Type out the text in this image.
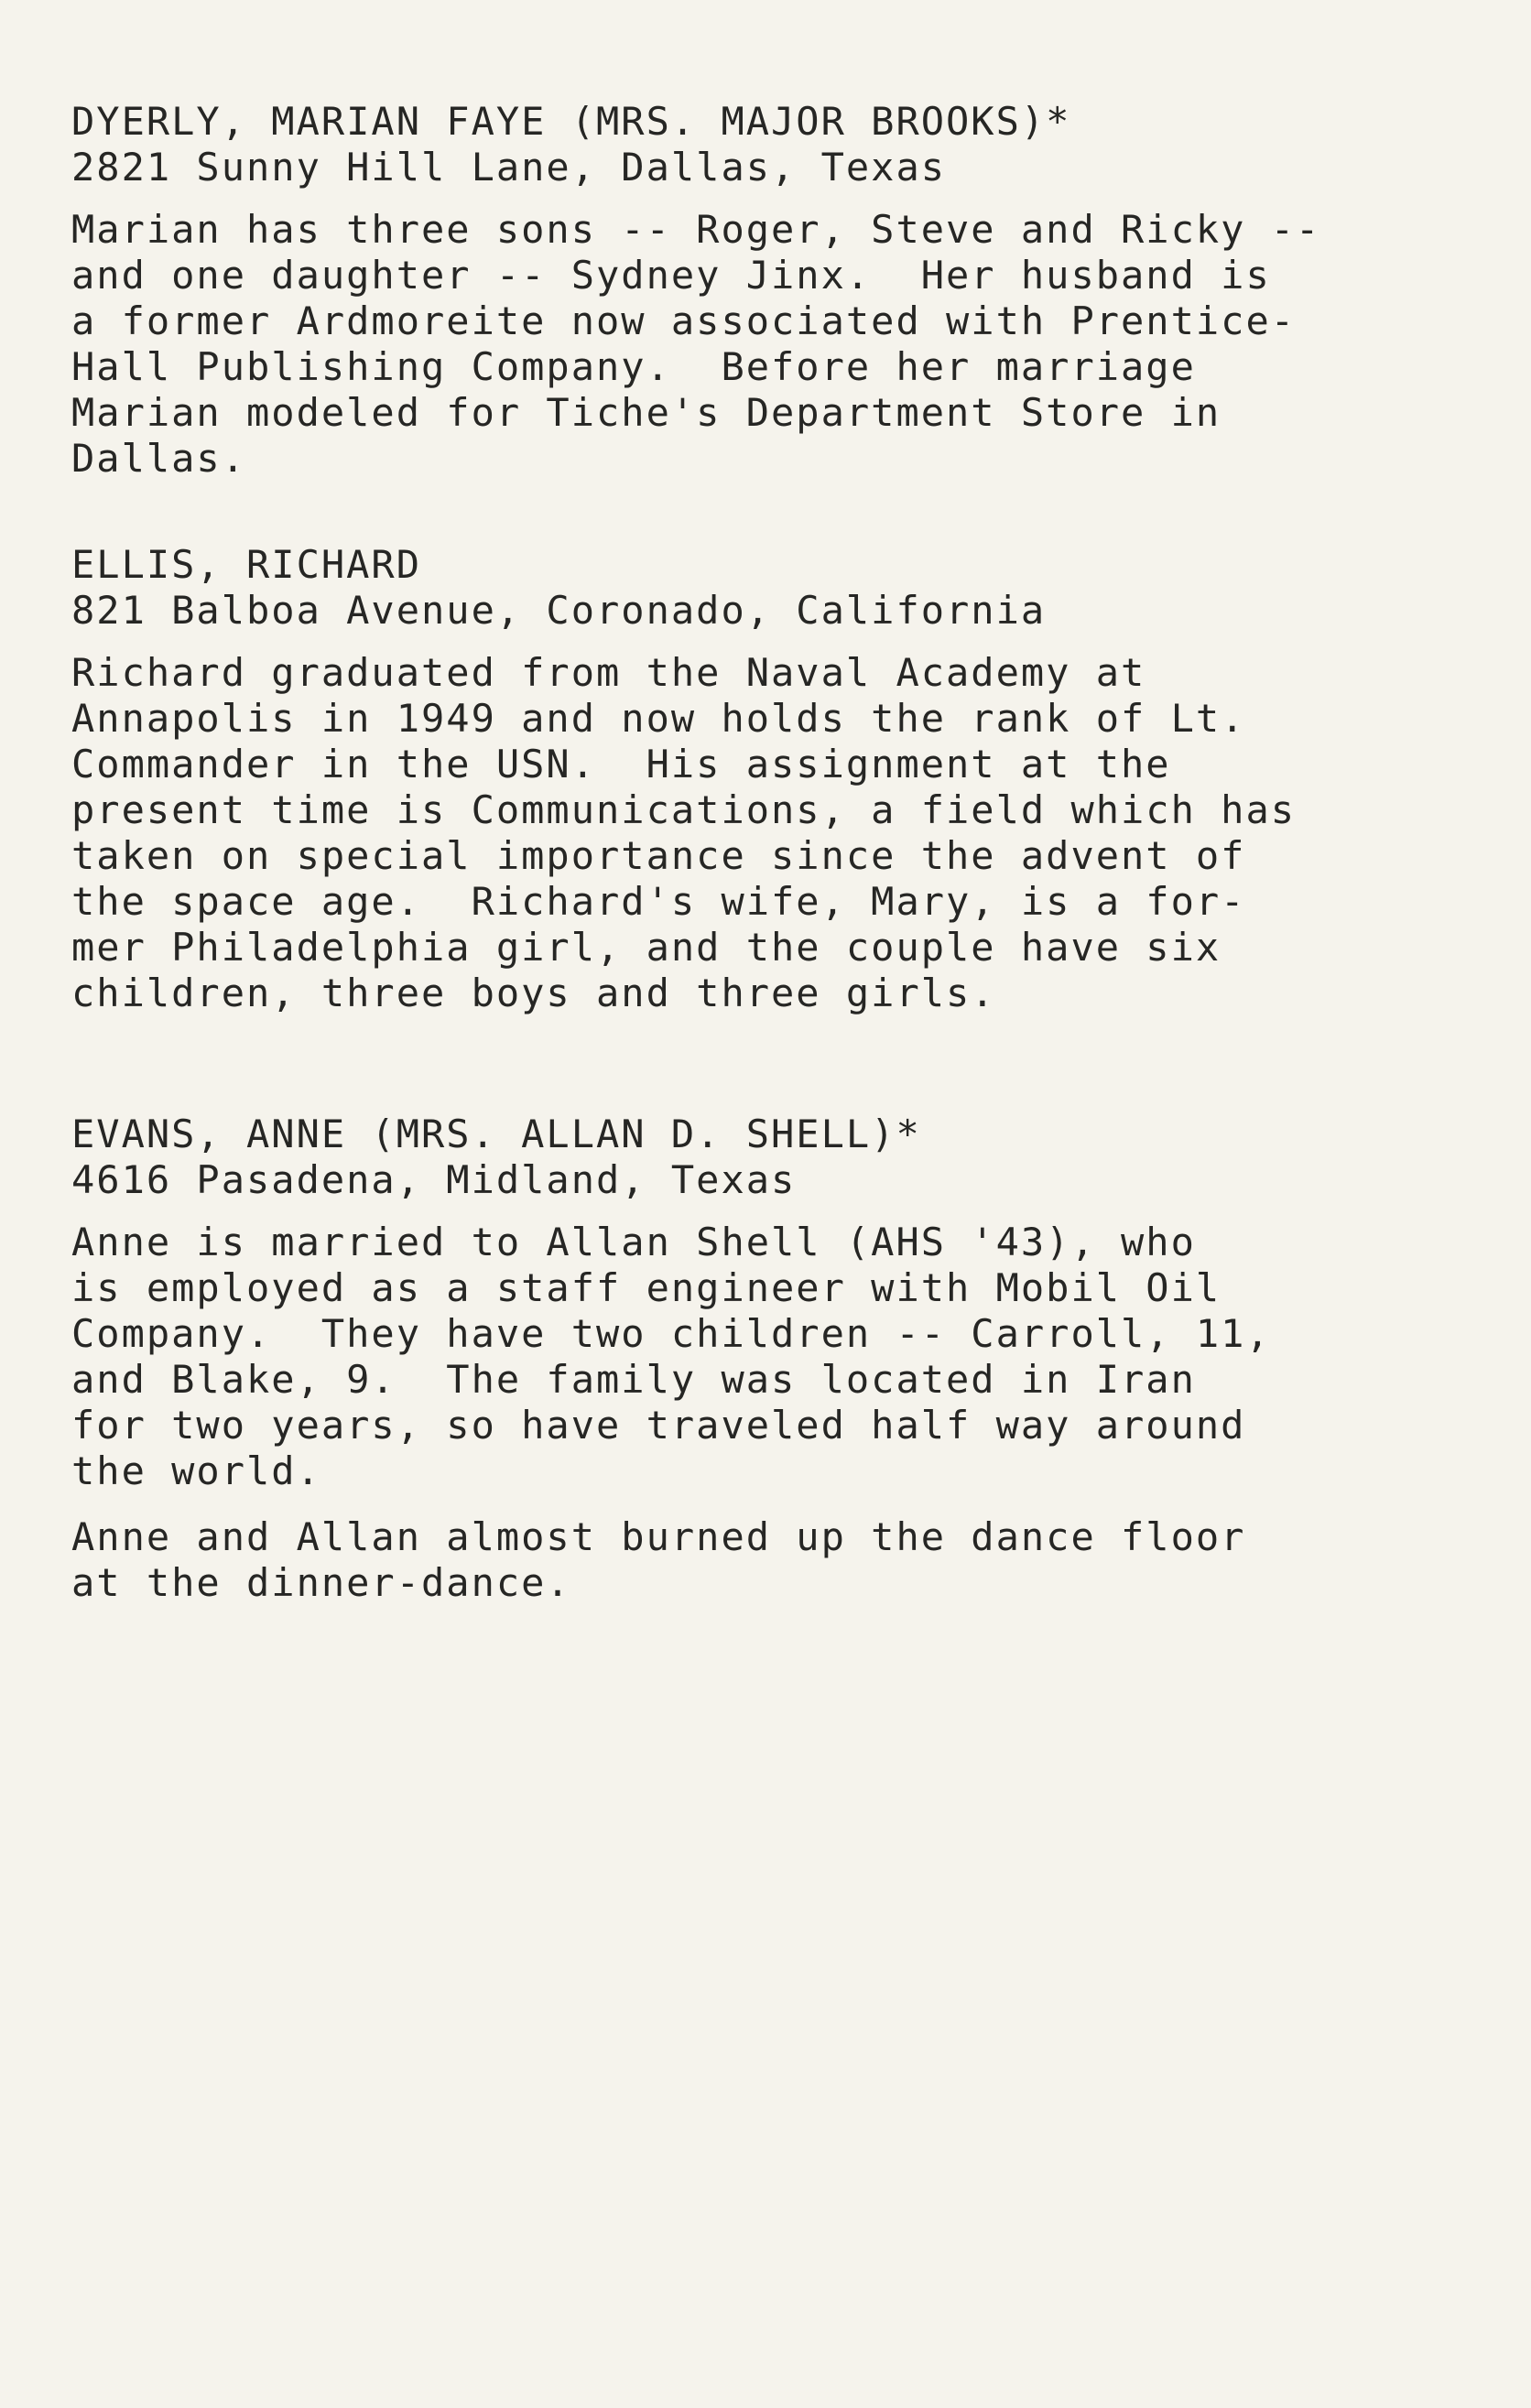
DYERLY, MARIAN FAYE (MRS. MAJOR BROOKS)*
2821 Sunny Hill Lane, Dallas, Texas
Marian has three sons -- Roger, Steve and Ricky --
and one daughter -- Sydney Jinx.  Her husband is
a former Ardmoreite now associated with Prentice-
Hall Publishing Company.  Before her marriage
Marian modeled for Tiche's Department Store in
Dallas.
ELLIS, RICHARD
821 Balboa Avenue, Coronado, California
Richard graduated from the Naval Academy at
Annapolis in 1949 and now holds the rank of Lt.
Commander in the USN.  His assignment at the
present time is Communications, a field which has
taken on special importance since the advent of
the space age.  Richard's wife, Mary, is a for-
mer Philadelphia girl, and the couple have six
children, three boys and three girls.
EVANS, ANNE (MRS. ALLAN D. SHELL)*
4616 Pasadena, Midland, Texas
Anne is married to Allan Shell (AHS '43), who
is employed as a staff engineer with Mobil Oil
Company.  They have two children -- Carroll, 11,
and Blake, 9.  The family was located in Iran
for two years, so have traveled half way around
the world.
Anne and Allan almost burned up the dance floor
at the dinner-dance.
